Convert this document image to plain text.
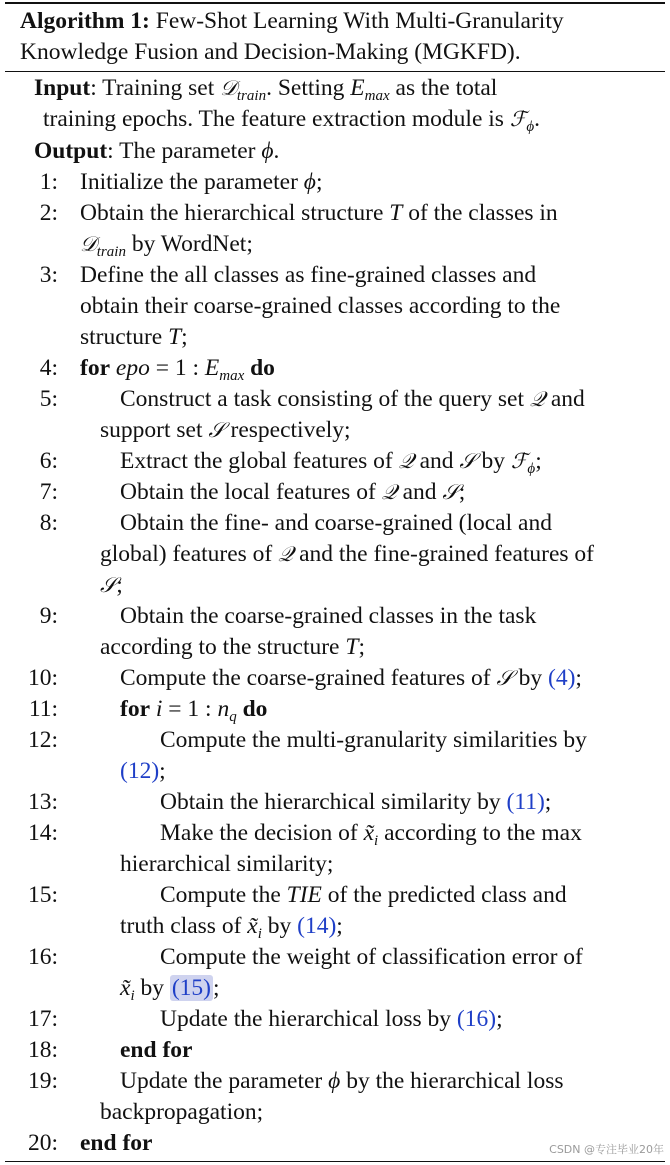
Algorithm 1: Few-Shot Learning With Multi-Granularity
Knowledge Fusion and Decision-Making (MGKFD).
Input: Training set 𝒟$_{train}$. Setting $E_{max}$ as the total
training epochs. The feature extraction module is ℱ$_\phi$.
Output: The parameter ϕ.
1: Initialize the parameter ϕ;
2: Obtain the hierarchical structure T of the classes in
𝒟$_{train}$ by WordNet;
3: Define the all classes as fine-grained classes and
obtain their coarse-grained classes according to the
structure T;
4: for epo = 1 : $E_{max}$ do
5:	Construct a task consisting of the query set 𝒬 and
support set 𝒮 respectively;
6:	Extract the global features of 𝒬 and 𝒮 by ℱ$_\phi$;
7:	Obtain the local features of 𝒬 and 𝒮;
8:	Obtain the fine- and coarse-grained (local and
global) features of 𝒬 and the fine-grained features of
𝒮;
9:	Obtain the coarse-grained classes in the task
according to the structure T;
10:	Compute the coarse-grained features of 𝒮 by (4);
11:	for i = 1 : $n_q$ do
12:	Compute the multi-granularity similarities by
(12);
13:	Obtain the hierarchical similarity by (11);
14:	Make the decision of $x̃_i$ according to the max
hierarchical similarity;
15:	Compute the TIE of the predicted class and
truth class of $x̃_i$ by (14);
16:	Compute the weight of classification error of
$x̃_i$ by (15);
17:	Update the hierarchical loss by (16);
18:	end for
19:	Update the parameter ϕ by the hierarchical loss
backpropagation;
20: end for	CSDN @专注毕业20年
